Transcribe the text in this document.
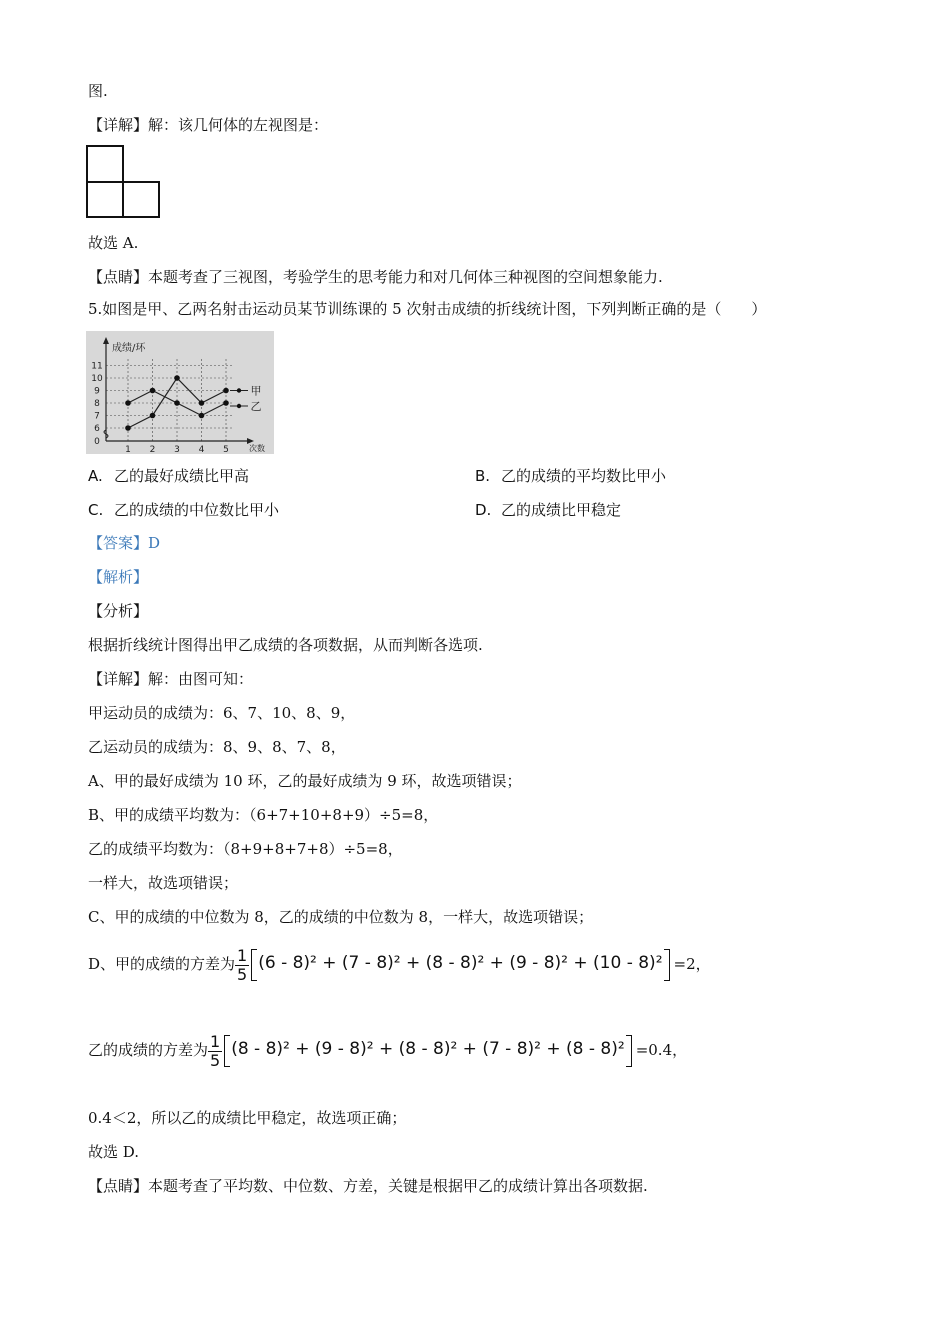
图.
【详解】解：该几何体的左视图是：
故选 A.
【点睛】本题考查了三视图，考验学生的思考能力和对几何体三种视图的空间想象能力.
5.如图是甲、乙两名射击运动员某节训练课的 5 次射击成绩的折线统计图，下列判断正确的是（　　）
成绩/环
次数
0
6
7
8
9
10
11
1 2 3 4 5
甲
乙
A. 乙的最好成绩比甲高	B. 乙的成绩的平均数比甲小
C. 乙的成绩的中位数比甲小	D. 乙的成绩比甲稳定
【答案】D
【解析】
【分析】
根据折线统计图得出甲乙成绩的各项数据，从而判断各选项.
【详解】解：由图可知：
甲运动员的成绩为：6、7、10、8、9，
乙运动员的成绩为：8、9、8、7、8，
A、甲的最好成绩为 10 环，乙的最好成绩为 9 环，故选项错误；
B、甲的成绩平均数为：（6+7+10+8+9）÷5=8，
乙的成绩平均数为：（8+9+8+7+8）÷5=8，
一样大，故选项错误；
C、甲的成绩的中位数为 8，乙的成绩的中位数为 8，一样大，故选项错误；
D、甲的成绩的方差为 $\frac{1}{5} (6 - 8)^2 + (7 - 8)^2 + (8 - 8)^2 + (9 - 8)^2 + (10 - 8)^2 =2$，
乙的成绩的方差为 $\frac{1}{5} (8 - 8)^2 + (9 - 8)^2 + (8 - 8)^2 + (7 - 8)^2 + (8 - 8)^2 =0.4$，
0.4＜2，所以乙的成绩比甲稳定，故选项正确；
故选 D.
【点睛】本题考查了平均数、中位数、方差，关键是根据甲乙的成绩计算出各项数据.
